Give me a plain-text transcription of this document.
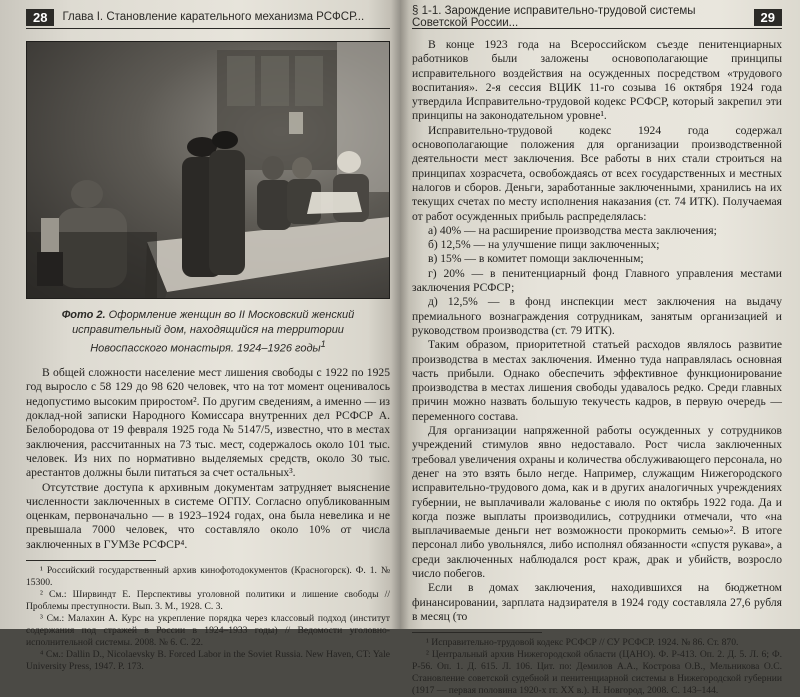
28	Глава I. Становление карательного механизма РСФСР...
Фото 2. Оформление женщин во II Московский женский исправительный дом, находящийся на территории Новоспасского монастыря. 1924–1926 годы$^1$

В общей сложности население мест лишения свободы с 1922 по 1925 год выросло с 58 129 до 98 620 человек, что на тот момент оценивалось недопустимо высоким приростом². По другим сведениям, а именно — из доклад-ной записки Народного Комиссара внутренних дел РСФСР А. Белобородова от 19 февраля 1925 года № 5147/5, известно, что в местах заключения, рассчитанных на 73 тыс. мест, содержалось около 101 тыс. человек. Из них по нормативно выделяемых средств, около 30 тыс. арестантов должны были питаться за счет остальных³.

Отсутствие доступа к архивным документам затрудняет выяснение численности заключенных в системе ОГПУ. Согласно опубликованным оценкам, первоначально — в 1923–1924 годах, она была невелика и не превышала 7000 человек, что составляло около 10% от числа заключенных в ГУМЗе РСФСР⁴.

¹ Российский государственный архив кинофотодокументов (Красногорск). Ф. 1. № 15300.

² См.: Ширвиндт Е. Перспективы уголовной политики и лишение свободы // Проблемы преступности. Вып. 3. М., 1928. С. 3.

³ См.: Малахин А. Курс на укрепление порядка через классовый подход (институт содержания под стражей в России в 1924–1933 годы) // Ведомости уголовно-исполнительной системы. 2008. № 6. С. 22.

⁴ См.: Dallin D., Nicolaevsky B. Forced Labor in the Soviet Russia. New Haven, CT: Yale University Press, 1947. P. 173.

§ 1-1. Зарождение исправительно-трудовой системы Советской России...	29

В конце 1923 года на Всероссийском съезде пенитенциарных работников были заложены основополагающие принципы исправительного воздействия на осужденных посредством «трудового воспитания». 2-я сессия ВЦИК 11-го созыва 16 октября 1924 года утвердила Исправительно-трудовой кодекс РСФСР, который закрепил эти принципы на законодательном уровне¹.

Исправительно-трудовой кодекс 1924 года содержал основополагающие положения для организации производственной деятельности мест заключения. Все работы в них стали строиться на принципах хозрасчета, освобождаясь от всех государственных и местных налогов и сборов. Деньги, заработанные заключенными, хранились на их текущих счетах по месту исполнения наказания (ст. 74 ИТК). Получаемая от работ осужденных прибыль распределялась:

а) 40% — на расширение производства места заключения;

б) 12,5% — на улучшение пищи заключенных;

в) 15% — в комитет помощи заключенным;

г) 20% — в пенитенциарный фонд Главного управления местами заключения РСФСР;

д) 12,5% — в фонд инспекции мест заключения на выдачу премиального вознаграждения сотрудникам, занятым организацией и руководством производства (ст. 79 ИТК).

Таким образом, приоритетной статьей расходов являлось развитие производства в местах заключения. Именно туда направлялась основная часть прибыли. Однако обеспечить эффективное функционирование производства в местах лишения свободы удавалось редко. Среди главных причин можно назвать большую текучесть кадров, в первую очередь — переменного состава.

Для организации напряженной работы осужденных у сотрудников учреждений стимулов явно недоставало. Рост числа заключенных требовал увеличения охраны и количества обслуживающего персонала, но денег на это взять было негде. Например, служащим Нижегородского исправительно-трудового дома, как и в других аналогичных учреждениях губернии, не выплачивали жалованье с июля по октябрь 1922 года. Да и когда позже выплаты производились, сотрудники отмечали, что «на выплачиваемые деньги нет возможности прокормить семью»². В итоге персонал либо увольнялся, либо исполнял обязанности «спустя рукава», а среди заключенных наблюдался рост краж, драк и убийств, возросло число побегов.

Если в домах заключения, находившихся на бюджетном финансировании, зарплата надзирателя в 1924 году составляла 27,6 рубля в месяц (то

¹ Исправительно-трудовой кодекс РСФСР // СУ РСФСР. 1924. № 86. Ст. 870.

² Центральный архив Нижегородской области (ЦАНО). Ф. Р-413. Оп. 2. Д. 5. Л. 6; Ф. Р-56. Оп. 1. Д. 615. Л. 106. Цит. по: Демилов А.А., Кострова О.В., Мельникова О.С. Становление советской судебной и пенитенциарной системы в Нижегородской губернии (1917 — первая половина 1920-х гг. XX в.). Н. Новгород, 2008. С. 143–144.
